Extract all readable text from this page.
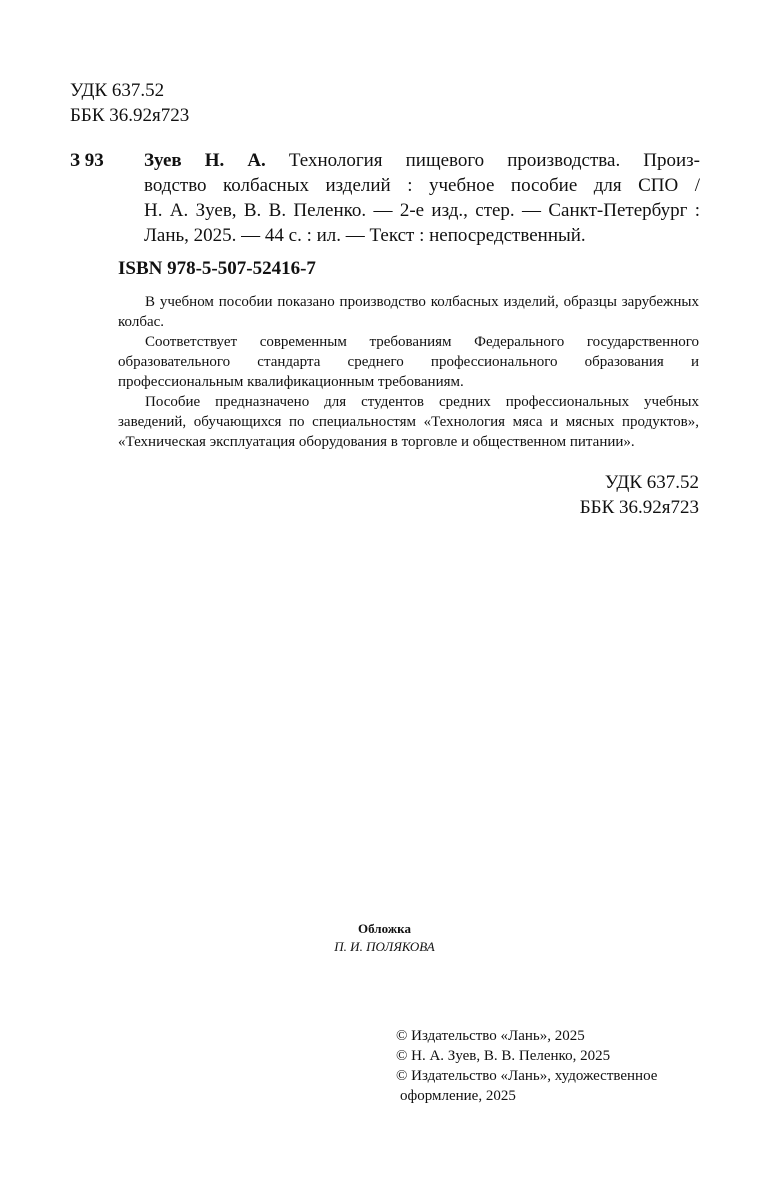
УДК 637.52
ББК 36.92я723
З 93 Зуев Н. А. Технология пищевого производства. Произ-
водство колбасных изделий : учебное пособие для СПО /
Н. А. Зуев, В. В. Пеленко. — 2-е изд., стер. — Санкт-Петербург :
Лань, 2025. — 44 с. : ил. — Текст : непосредственный.
ISBN 978-5-507-52416-7

В учебном пособии показано производство колбасных изделий, образцы зарубежных колбас.

Соответствует современным требованиям Федерального государственного образовательного стандарта среднего профессионального образования и профессиональным квалификационным требованиям.

Пособие предназначено для студентов средних профессиональных учебных заведений, обучающихся по специальностям «Технология мяса и мясных продуктов», «Техническая эксплуатация оборудования в торговле и общественном питании».

УДК 637.52
ББК 36.92я723
Обложка
П. И. ПОЛЯКОВА
© Издательство «Лань», 2025
© Н. А. Зуев, В. В. Пеленко, 2025
© Издательство «Лань», художественное
оформление, 2025
